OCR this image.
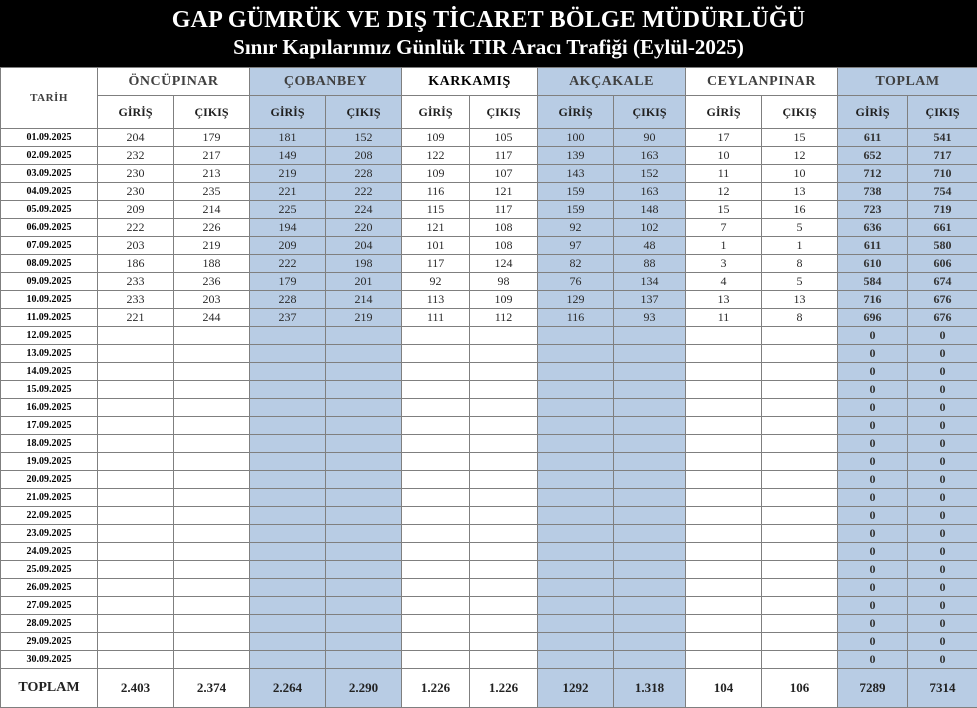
GAP GÜMRÜK VE DIŞ TİCARET BÖLGE MÜDÜRLÜĞÜ
Sınır Kapılarımız Günlük TIR Aracı Trafiği (Eylül-2025)
TARİH	ÖNCÜPINAR		ÇOBANBEY		KARKAMIŞ		AKÇAKALE		CEYLANPINAR		TOPLAM	
	GİRİŞ	ÇIKIŞ	GİRİŞ	ÇIKIŞ	GİRİŞ	ÇIKIŞ	GİRİŞ	ÇIKIŞ	GİRİŞ	ÇIKIŞ	GİRİŞ	ÇIKIŞ
01.09.2025	204	179	181	152	109	105	100	90	17	15	611	541
02.09.2025	232	217	149	208	122	117	139	163	10	12	652	717
03.09.2025	230	213	219	228	109	107	143	152	11	10	712	710
04.09.2025	230	235	221	222	116	121	159	163	12	13	738	754
05.09.2025	209	214	225	224	115	117	159	148	15	16	723	719
06.09.2025	222	226	194	220	121	108	92	102	7	5	636	661
07.09.2025	203	219	209	204	101	108	97	48	1	1	611	580
08.09.2025	186	188	222	198	117	124	82	88	3	8	610	606
09.09.2025	233	236	179	201	92	98	76	134	4	5	584	674
10.09.2025	233	203	228	214	113	109	129	137	13	13	716	676
11.09.2025	221	244	237	219	111	112	116	93	11	8	696	676
12.09.2025											0	0
13.09.2025											0	0
14.09.2025											0	0
15.09.2025											0	0
16.09.2025											0	0
17.09.2025											0	0
18.09.2025											0	0
19.09.2025											0	0
20.09.2025											0	0
21.09.2025											0	0
22.09.2025											0	0
23.09.2025											0	0
24.09.2025											0	0
25.09.2025											0	0
26.09.2025											0	0
27.09.2025											0	0
28.09.2025											0	0
29.09.2025											0	0
30.09.2025											0	0
TOPLAM	2.403	2.374	2.264	2.290	1.226	1.226	1292	1.318	104	106	7289	7314
